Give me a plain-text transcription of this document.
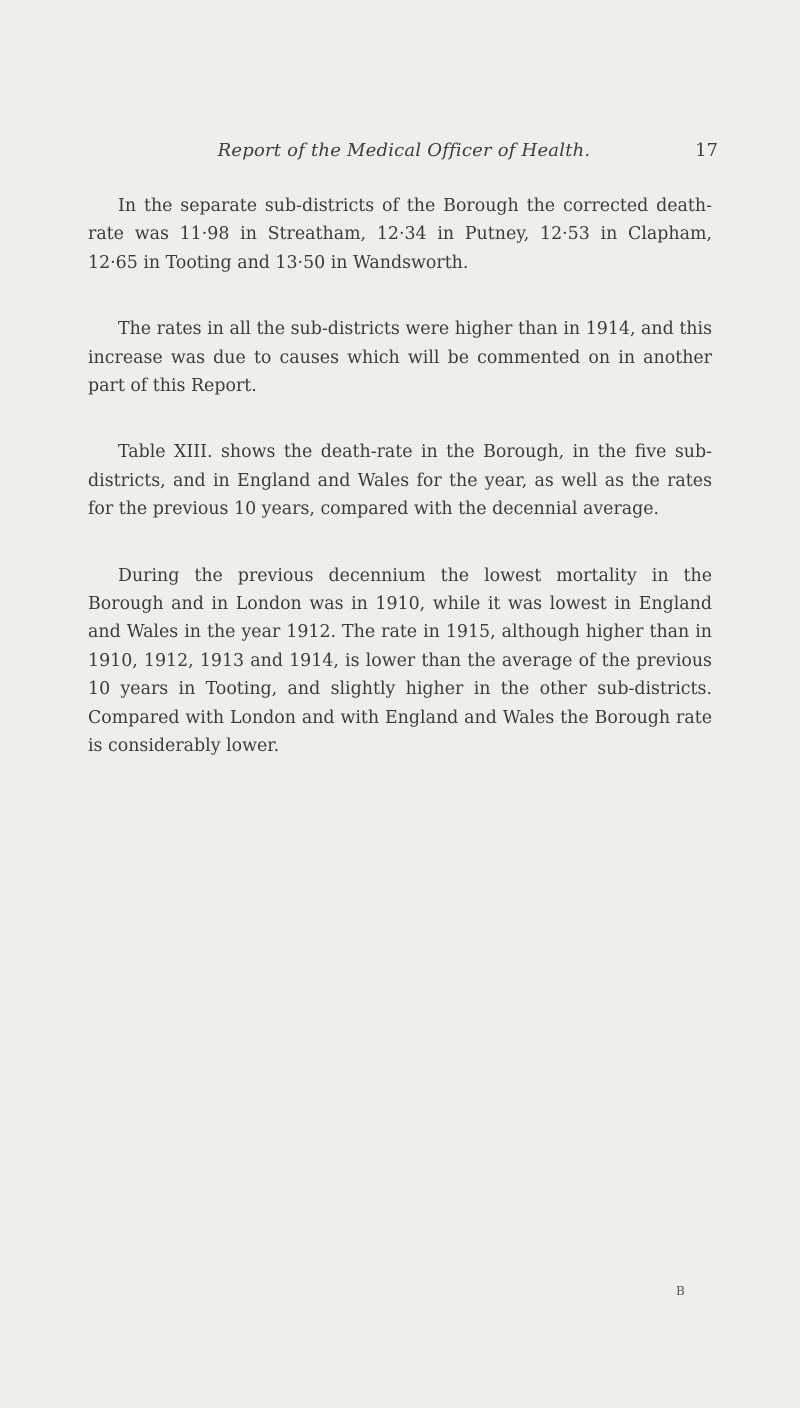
Report of the Medical Officer of Health.	17

In the separate sub-districts of the Borough the corrected death-rate was 11·98 in Streatham, 12·34 in Putney, 12·53 in Clapham, 12·65 in Tooting and 13·50 in Wandsworth.

The rates in all the sub-districts were higher than in 1914, and this increase was due to causes which will be commented on in another part of this Report.

Table XIII. shows the death-rate in the Borough, in the five sub-districts, and in England and Wales for the year, as well as the rates for the previous 10 years, compared with the decennial average.

During the previous decennium the lowest mortality in the Borough and in London was in 1910, while it was lowest in England and Wales in the year 1912. The rate in 1915, although higher than in 1910, 1912, 1913 and 1914, is lower than the average of the previous 10 years in Tooting, and slightly higher in the other sub-districts. Compared with London and with England and Wales the Borough rate is considerably lower.

B
